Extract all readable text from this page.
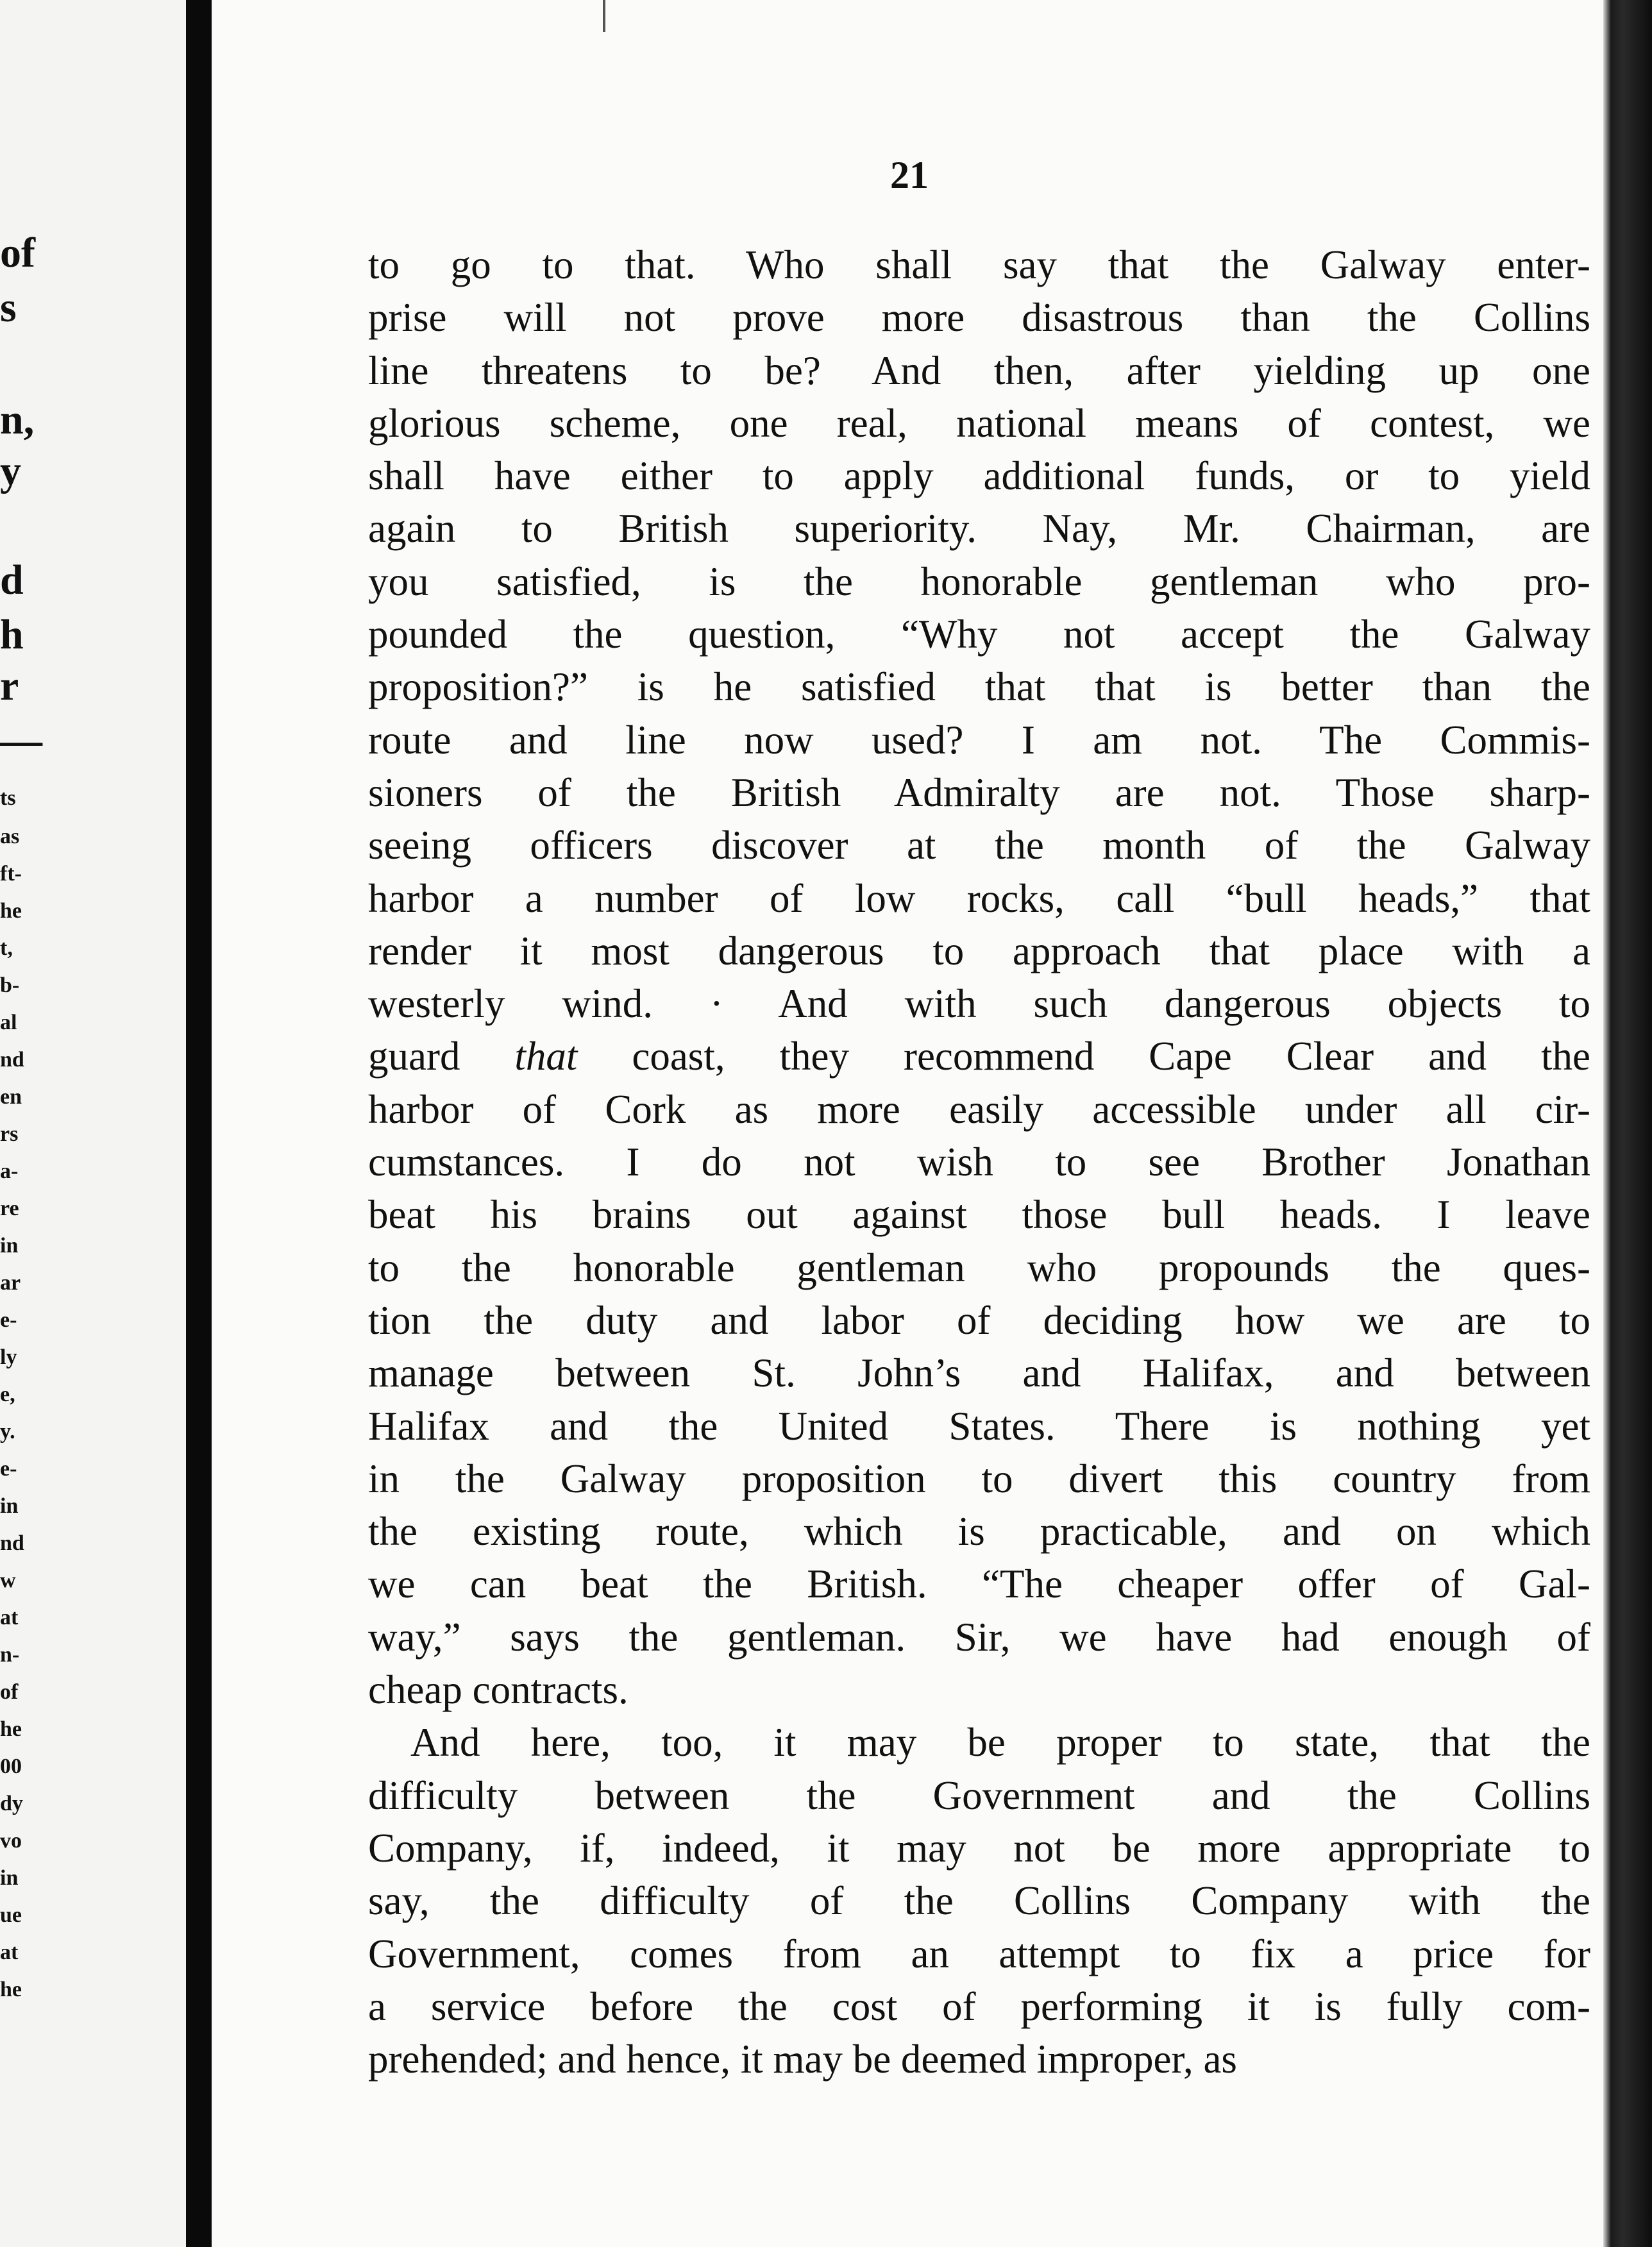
of
s
n,
y
d
h
r
—
ts
as
ft-
he
t,
b-
al
nd
en
rs
a-
re
in
ar
e-
ly
e,
y.
e-
in
nd
w
at
n-
of
he
00
dy
vo
in
ue
at
he
21
to go to that. Who shall say that the Galway enter-
prise will not prove more disastrous than the Collins
line threatens to be? And then, after yielding up one
glorious scheme, one real, national means of contest, we
shall have either to apply additional funds, or to yield
again to British superiority. Nay, Mr. Chairman, are
you satisfied, is the honorable gentleman who pro-
pounded the question, “Why not accept the Galway
proposition?” is he satisfied that that is better than the
route and line now used? I am not. The Commis-
sioners of the British Admiralty are not. Those sharp-
seeing officers discover at the month of the Galway
harbor a number of low rocks, call “bull heads,” that
render it most dangerous to approach that place with a
westerly wind. · And with such dangerous objects to
guard that coast, they recommend Cape Clear and the
harbor of Cork as more easily accessible under all cir-
cumstances. I do not wish to see Brother Jonathan
beat his brains out against those bull heads. I leave
to the honorable gentleman who propounds the ques-
tion the duty and labor of deciding how we are to
manage between St. John’s and Halifax, and between
Halifax and the United States. There is nothing yet
in the Galway proposition to divert this country from
the existing route, which is practicable, and on which
we can beat the British. “The cheaper offer of Gal-
way,” says the gentleman. Sir, we have had enough of
cheap contracts.
And here, too, it may be proper to state, that the
difficulty between the Government and the Collins
Company, if, indeed, it may not be more appropriate to
say, the difficulty of the Collins Company with the
Government, comes from an attempt to fix a price for
a service before the cost of performing it is fully com-
prehended; and hence, it may be deemed improper, as
